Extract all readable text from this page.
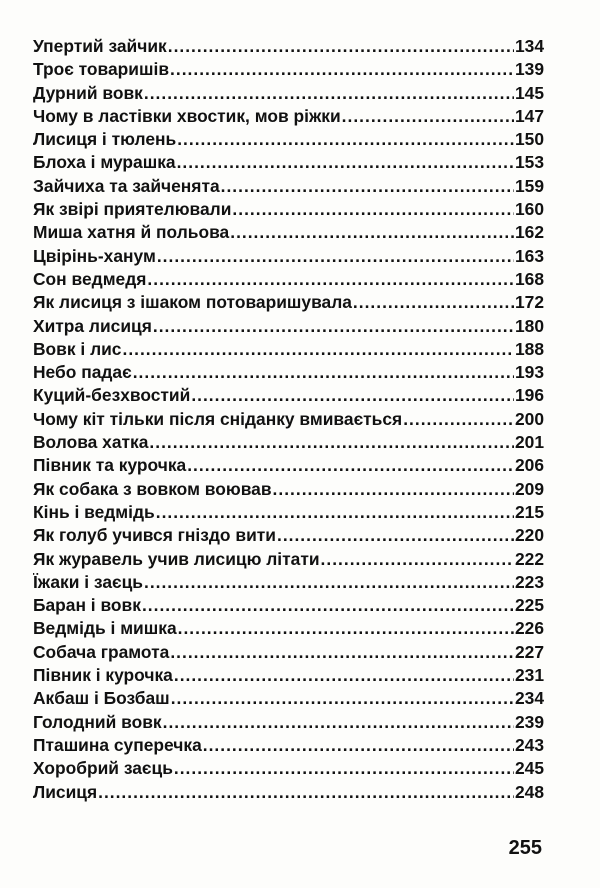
Упертий зайчик .....	134
Троє товаришів .....	139
Дурний вовк .....	145
Чому в ластівки хвостик, мов ріжки .....	147
Лисиця і тюлень .....	150
Блоха і мурашка .....	153
Зайчиха та зайченята .....	159
Як звірі приятелювали .....	160
Миша хатня й польова .....	162
Цвірінь-ханум .....	163
Сон ведмедя .....	168
Як лисиця з ішаком потоваришувала .....	172
Хитра лисиця .....	180
Вовк і лис .....	188
Небо падає .....	193
Куций-безхвостий .....	196
Чому кіт тільки після сніданку вмивається .....	200
Волова хатка .....	201
Півник та курочка .....	206
Як собака з вовком воював .....	209
Кінь і ведмідь .....	215
Як голуб учився гніздо вити .....	220
Як журавель учив лисицю літати .....	222
Їжаки і заєць .....	223
Баран і вовк .....	225
Ведмідь і мишка .....	226
Собача грамота .....	227
Півник і курочка .....	231
Акбаш і Бозбаш .....	234
Голодний вовк .....	239
Пташина суперечка .....	243
Хоробрий заєць .....	245
Лисиця .....	248
255
